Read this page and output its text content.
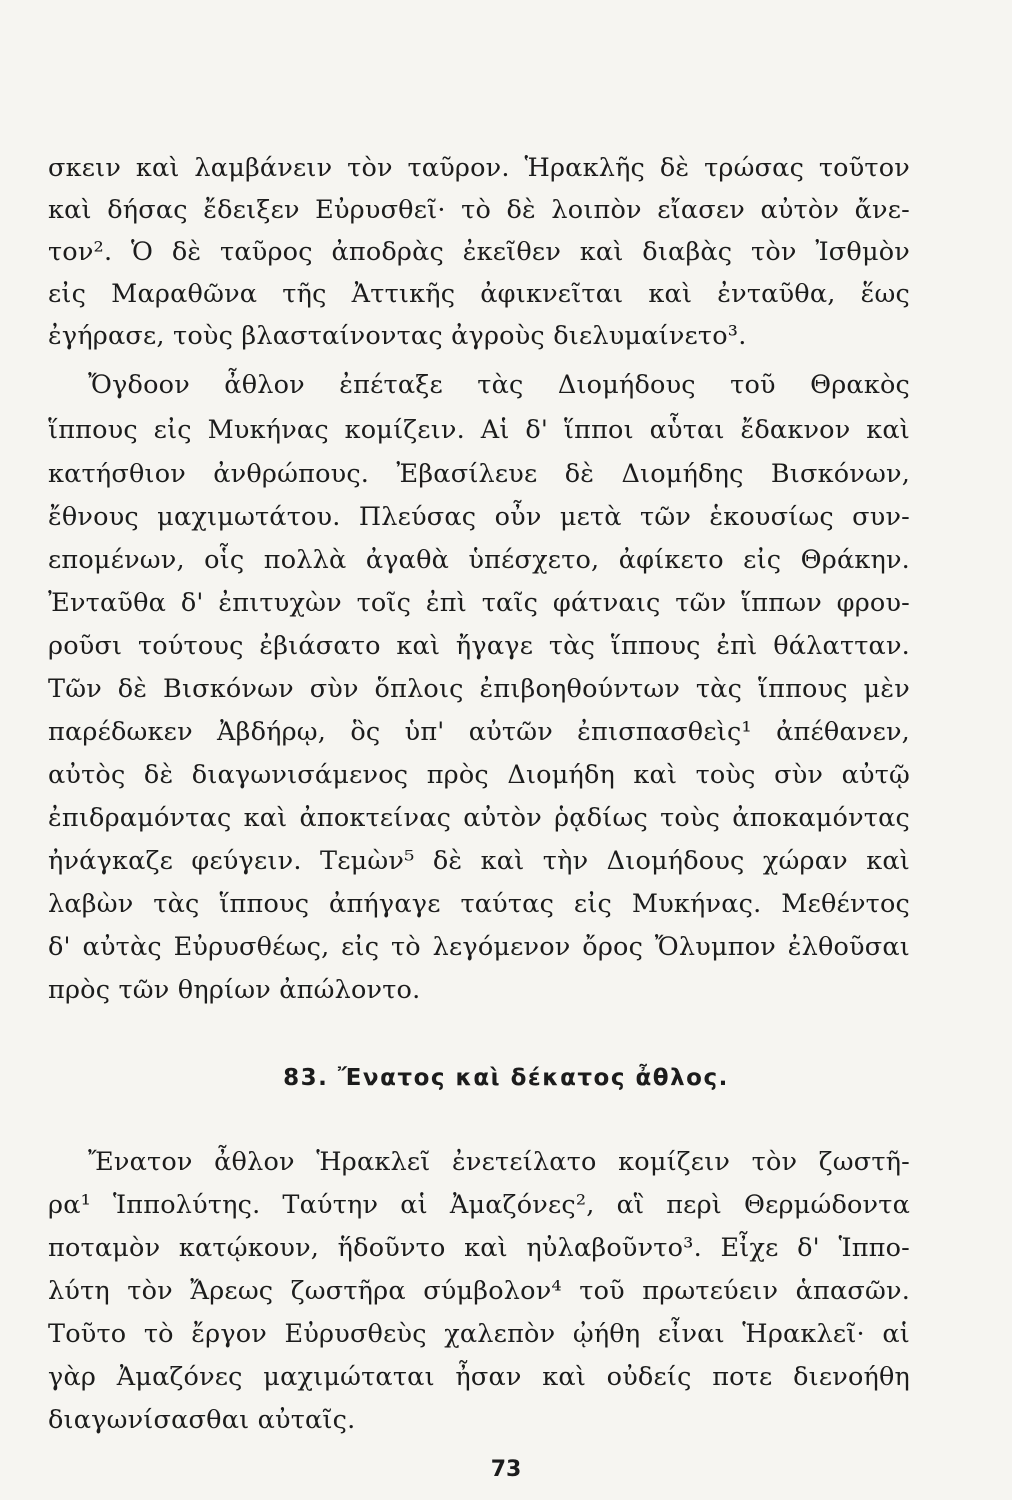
σκειν καὶ λαμβάνειν τὸν ταῦρον. Ἡρακλῆς δὲ τρώσας τοῦτον
καὶ δήσας ἔδειξεν Εὐρυσθεῖ· τὸ δὲ λοιπὸν εἴασεν αὐτὸν ἄνε-
τον². Ὁ δὲ ταῦρος ἀποδρὰς ἐκεῖθεν καὶ διαβὰς τὸν Ἰσθμὸν
εἰς Μαραθῶνα τῆς Ἀττικῆς ἀφικνεῖται καὶ ἐνταῦθα, ἕως
ἐγήρασε, τοὺς βλασταίνοντας ἀγροὺς διελυμαίνετο³.
Ὄγδοον ἆθλον ἐπέταξε τὰς Διομήδους τοῦ Θρακὸς
ἵππους εἰς Μυκήνας κομίζειν. Αἱ δ' ἵπποι αὗται ἔδακνον καὶ
κατήσθιον ἀνθρώπους. Ἐβασίλευε δὲ Διομήδης Βισκόνων,
ἔθνους μαχιμωτάτου. Πλεύσας οὖν μετὰ τῶν ἑκουσίως συν-
επομένων, οἷς πολλὰ ἀγαθὰ ὑπέσχετο, ἀφίκετο εἰς Θράκην.
Ἐνταῦθα δ' ἐπιτυχὼν τοῖς ἐπὶ ταῖς φάτναις τῶν ἵππων φρου-
ροῦσι τούτους ἐβιάσατο καὶ ἤγαγε τὰς ἵππους ἐπὶ θάλατταν.
Τῶν δὲ Βισκόνων σὺν ὅπλοις ἐπιβοηθούντων τὰς ἵππους μὲν
παρέδωκεν Ἀβδήρῳ, ὃς ὑπ' αὐτῶν ἐπισπασθεὶς¹ ἀπέθανεν,
αὐτὸς δὲ διαγωνισάμενος πρὸς Διομήδη καὶ τοὺς σὺν αὐτῷ
ἐπιδραμόντας καὶ ἀποκτείνας αὐτὸν ῥᾳδίως τοὺς ἀποκαμόντας
ἠνάγκαζε φεύγειν. Τεμὼν⁵ δὲ καὶ τὴν Διομήδους χώραν καὶ
λαβὼν τὰς ἵππους ἀπήγαγε ταύτας εἰς Μυκήνας. Μεθέντος
δ' αὐτὰς Εὐρυσθέως, εἰς τὸ λεγόμενον ὄρος Ὄλυμπον ἐλθοῦσαι
πρὸς τῶν θηρίων ἀπώλοντο.
83. Ἔνατος καὶ δέκατος ἆθλος.
Ἔνατον ἆθλον Ἡρακλεῖ ἐνετείλατο κομίζειν τὸν ζωστῆ-
ρα¹ Ἱππολύτης. Ταύτην αἱ Ἀμαζόνες², αἳ περὶ Θερμώδοντα
ποταμὸν κατῴκουν, ἥδοῦντο καὶ ηὐλαβοῦντο³. Εἶχε δ' Ἱππο-
λύτη τὸν Ἄρεως ζωστῆρα σύμβολον⁴ τοῦ πρωτεύειν ἁπασῶν.
Τοῦτο τὸ ἔργον Εὐρυσθεὺς χαλεπὸν ᾠήθη εἶναι Ἡρακλεῖ· αἱ
γὰρ Ἀμαζόνες μαχιμώταται ἦσαν καὶ οὐδείς ποτε διενοήθη
διαγωνίσασθαι αὐταῖς.
73
